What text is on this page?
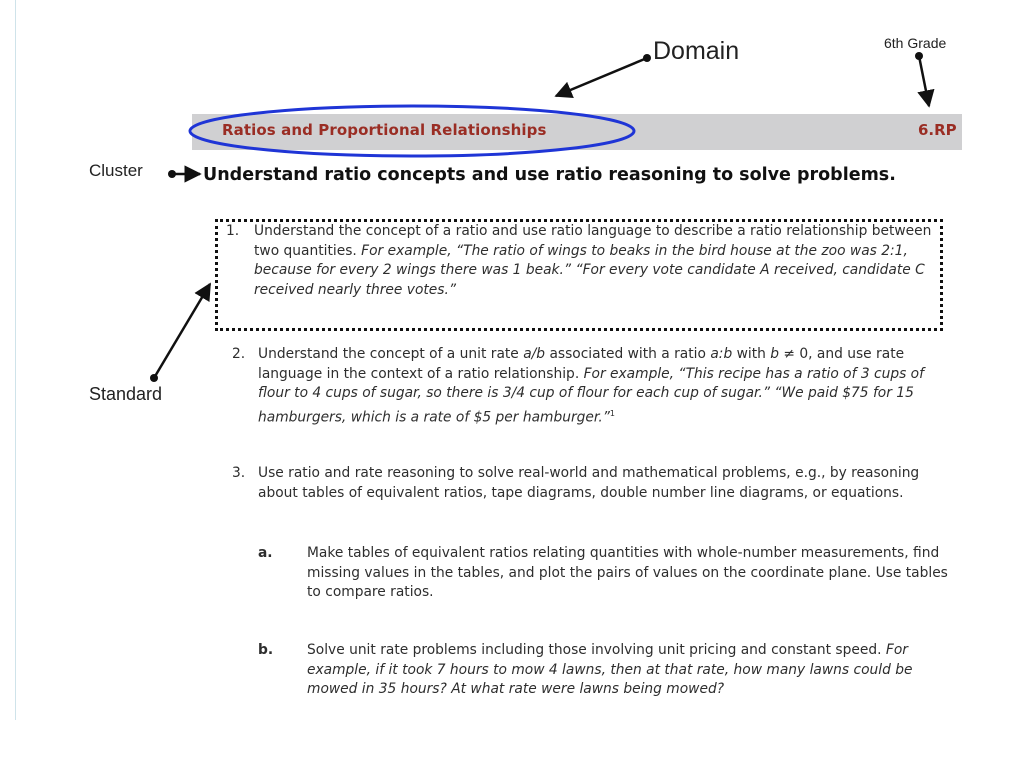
Domain	6th Grade
Cluster
Standard
Ratios and Proportional Relationships	6.RP
Understand ratio concepts and use ratio reasoning to solve problems.
1. Understand the concept of a ratio and use ratio language to describe a ratio relationship between two quantities. For example, “The ratio of wings to beaks in the bird house at the zoo was 2:1, because for every 2 wings there was 1 beak.” “For every vote candidate A received, candidate C received nearly three votes.”
2. Understand the concept of a unit rate a/b associated with a ratio a:b with b ≠ 0, and use rate language in the context of a ratio relationship. For example, “This recipe has a ratio of 3 cups of flour to 4 cups of sugar, so there is 3/4 cup of flour for each cup of sugar.” “We paid $75 for 15 hamburgers, which is a rate of $5 per hamburger.”$^1$
3. Use ratio and rate reasoning to solve real-world and mathematical problems, e.g., by reasoning about tables of equivalent ratios, tape diagrams, double number line diagrams, or equations.
a. Make tables of equivalent ratios relating quantities with whole-number measurements, find missing values in the tables, and plot the pairs of values on the coordinate plane. Use tables to compare ratios.
b. Solve unit rate problems including those involving unit pricing and constant speed. For example, if it took 7 hours to mow 4 lawns, then at that rate, how many lawns could be mowed in 35 hours? At what rate were lawns being mowed?
